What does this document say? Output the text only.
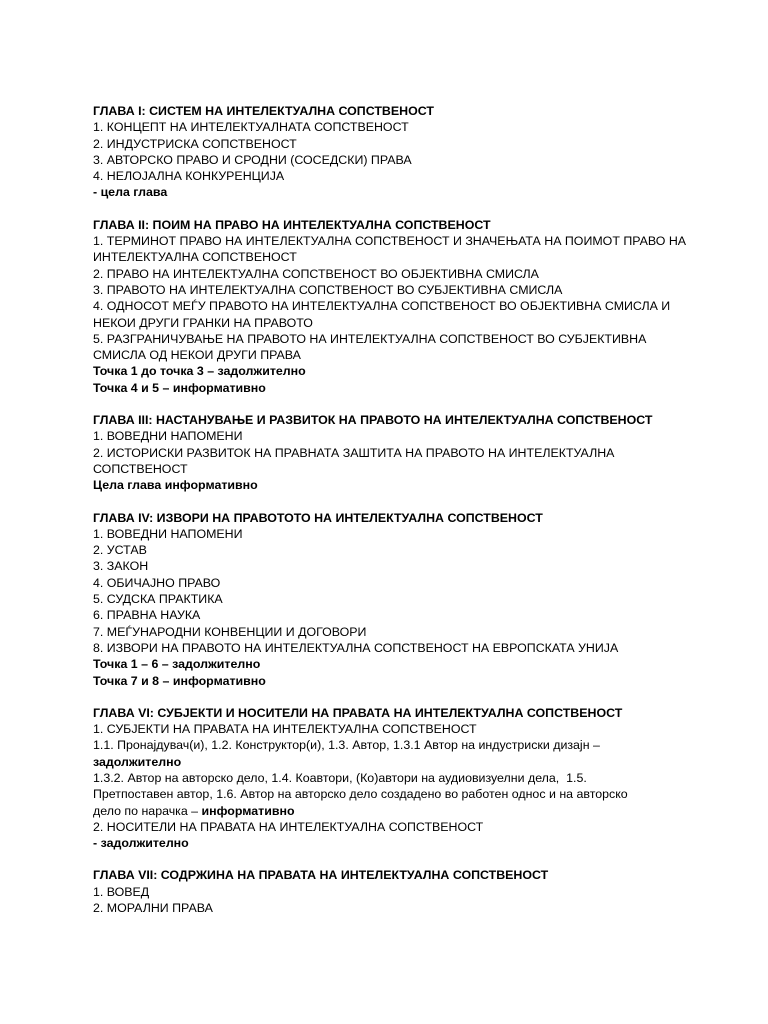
ГЛАВА I: СИСТЕМ НА ИНТЕЛЕКТУАЛНА СОПСТВЕНОСТ
1. КОНЦЕПТ НА ИНТЕЛЕКТУАЛНАТА СОПСТВЕНОСТ
2. ИНДУСТРИСКА СОПСТВЕНОСТ
3. АВТОРСКО ПРАВО И СРОДНИ (СОСЕДСКИ) ПРАВА
4. НЕЛОЈАЛНА КОНКУРЕНЦИЈА
- цела глава
ГЛАВА II: ПОИМ НА ПРАВО НА ИНТЕЛЕКТУАЛНА СОПСТВЕНОСТ
1. ТЕРМИНОТ ПРАВО НА ИНТЕЛЕКТУАЛНА СОПСТВЕНОСТ И ЗНАЧЕЊАТА НА ПОИМОТ ПРАВО НА
ИНТЕЛЕКТУАЛНА СОПСТВЕНОСТ
2. ПРАВО НА ИНТЕЛЕКТУАЛНА СОПСТВЕНОСТ ВО ОБЈЕКТИВНА СМИСЛА
3. ПРАВОТО НА ИНТЕЛЕКТУАЛНА СОПСТВЕНОСТ ВО СУБЈЕКТИВНА СМИСЛА
4. ОДНОСОТ МЕЃУ ПРАВОТО НА ИНТЕЛЕКТУАЛНА СОПСТВЕНОСТ ВО ОБЈЕКТИВНА СМИСЛА И
НЕКОИ ДРУГИ ГРАНКИ НА ПРАВОТО
5. РАЗГРАНИЧУВАЊЕ НА ПРАВОТО НА ИНТЕЛЕКТУАЛНА СОПСТВЕНОСТ ВО СУБЈЕКТИВНА
СМИСЛА ОД НЕКОИ ДРУГИ ПРАВА
Точка 1 до точка 3 – задолжително
Точка 4 и 5 – информативно
ГЛАВА III: НАСТАНУВАЊЕ И РАЗВИТОК НА ПРАВОТО НА ИНТЕЛЕКТУАЛНА СОПСТВЕНОСТ
1. ВОВЕДНИ НАПОМЕНИ
2. ИСТОРИСКИ РАЗВИТОК НА ПРАВНАТА ЗАШТИТА НА ПРАВОТО НА ИНТЕЛЕКТУАЛНА
СОПСТВЕНОСТ
Цела глава информативно
ГЛАВА IV: ИЗВОРИ НА ПРАВОТОТО НА ИНТЕЛЕКТУАЛНА СОПСТВЕНОСТ
1. ВОВЕДНИ НАПОМЕНИ
2. УСТАВ
3. ЗАКОН
4. ОБИЧАЈНО ПРАВО
5. СУДСКА ПРАКТИКА
6. ПРАВНА НАУКА
7. МЕЃУНАРОДНИ КОНВЕНЦИИ И ДОГОВОРИ
8. ИЗВОРИ НА ПРАВОТО НА ИНТЕЛЕКТУАЛНА СОПСТВЕНОСТ НА ЕВРОПСКАТА УНИЈА
Точка 1 – 6 – задолжително
Точка 7 и 8 – информативно
ГЛАВА VI: СУБЈЕКТИ И НОСИТЕЛИ НА ПРАВАТА НА ИНТЕЛЕКТУАЛНА СОПСТВЕНОСТ
1. СУБЈЕКТИ НА ПРАВАТА НА ИНТЕЛЕКТУАЛНА СОПСТВЕНОСТ
1.1. Пронајдувач(и), 1.2. Конструктор(и), 1.3. Автор, 1.3.1 Автор на индустриски дизајн –
задолжително
1.3.2. Автор на авторско дело, 1.4. Коавтори, (Ко)автори на аудиовизуелни дела,  1.5.
Претпоставен автор, 1.6. Автор на авторско дело создадено во работен однос и на авторско
дело по нарачка – информативно
2. НОСИТЕЛИ НА ПРАВАТА НА ИНТЕЛЕКТУАЛНА СОПСТВЕНОСТ
- задолжително
ГЛАВА VII: СОДРЖИНА НА ПРАВАТА НА ИНТЕЛЕКТУАЛНА СОПСТВЕНОСТ
1. ВОВЕД
2. МОРАЛНИ ПРАВА
